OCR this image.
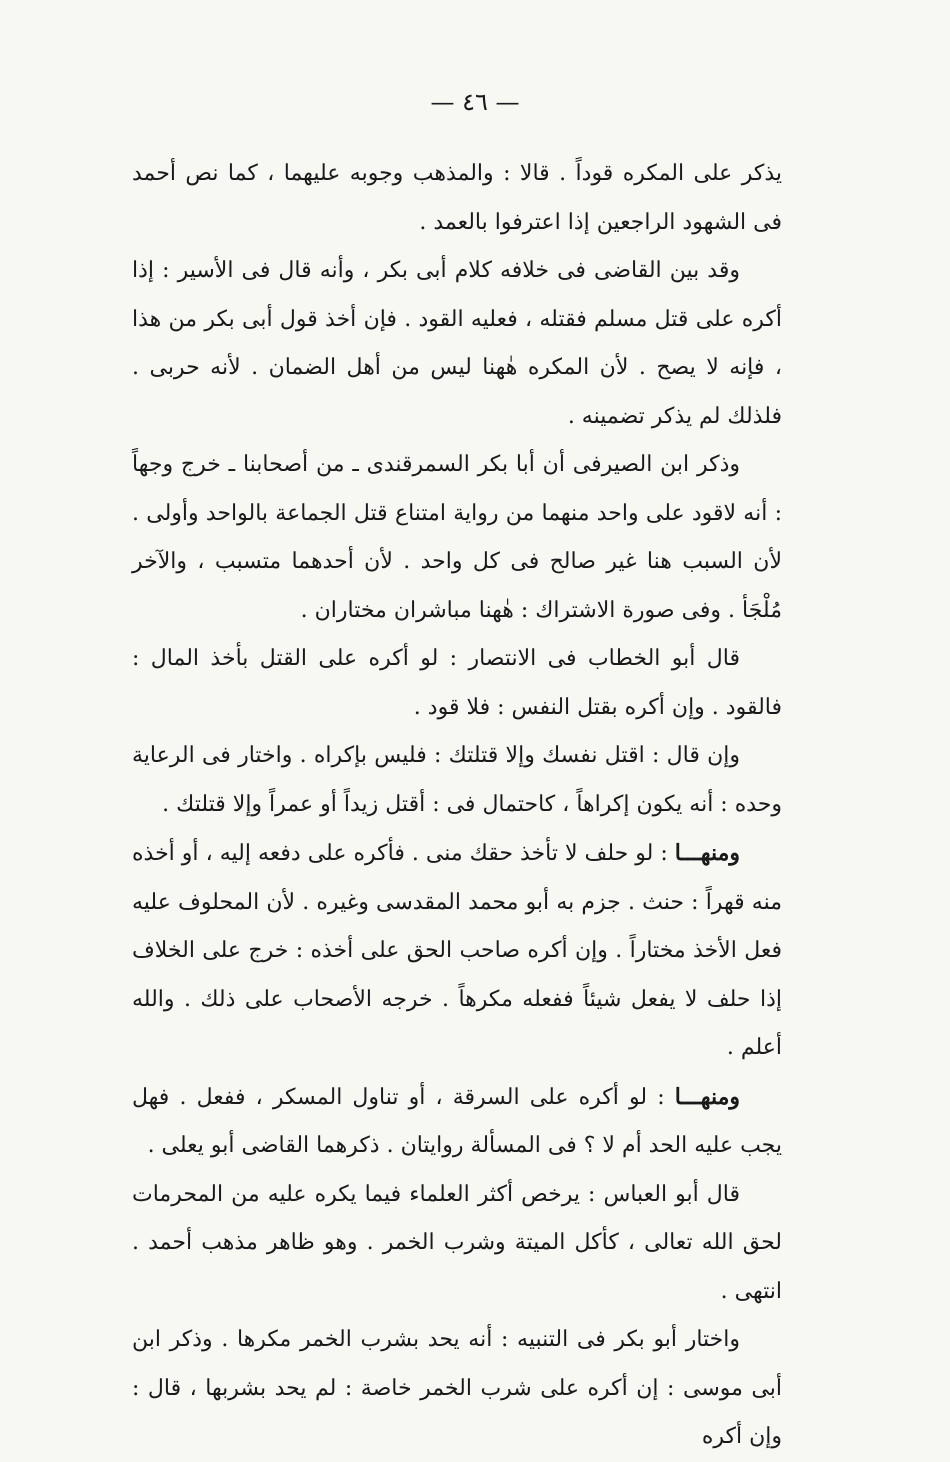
— ٤٦ —

يذكر على المكره قوداً . قالا : والمذهب وجوبه عليهما ، كما نص أحمد فى الشهود الراجعين إذا اعترفوا بالعمد .

وقد بين القاضى فى خلافه كلام أبى بكر ، وأنه قال فى الأسير : إذا أكره على قتل مسلم فقتله ، فعليه القود . فإن أخذ قول أبى بكر من هذا ، فإنه لا يصح . لأن المكره هٰهنا ليس من أهل الضمان . لأنه حربى . فلذلك لم يذكر تضمينه .

وذكر ابن الصيرفى أن أبا بكر السمرقندى ـ من أصحابنا ـ خرج وجهاً : أنه لاقود على واحد منهما من رواية امتناع قتل الجماعة بالواحد وأولى . لأن السبب هنا غير صالح فى كل واحد . لأن أحدهما متسبب ، والآخر مُلْجَأ . وفى صورة الاشتراك : هٰهنا مباشران مختاران .

قال أبو الخطاب فى الانتصار : لو أكره على القتل بأخذ المال : فالقود . وإن أكره بقتل النفس : فلا قود .

وإن قال : اقتل نفسك وإلا قتلتك : فليس بإكراه . واختار فى الرعاية وحده : أنه يكون إكراهاً ، كاحتمال فى : أقتل زيداً أو عمراً وإلا قتلتك .

ومنهـــا : لو حلف لا تأخذ حقك منى . فأكره على دفعه إليه ، أو أخذه منه قهراً : حنث . جزم به أبو محمد المقدسى وغيره . لأن المحلوف عليه فعل الأخذ مختاراً . وإن أكره صاحب الحق على أخذه : خرج على الخلاف إذا حلف لا يفعل شيئاً ففعله مكرهاً . خرجه الأصحاب على ذلك . والله أعلم .

ومنهـــا : لو أكره على السرقة ، أو تناول المسكر ، ففعل . فهل يجب عليه الحد أم لا ؟ فى المسألة روايتان . ذكرهما القاضى أبو يعلى .

قال أبو العباس : يرخص أكثر العلماء فيما يكره عليه من المحرمات لحق الله تعالى ، كأكل الميتة وشرب الخمر . وهو ظاهر مذهب أحمد . انتهى .

واختار أبو بكر فى التنبيه : أنه يحد بشرب الخمر مكرها . وذكر ابن أبى موسى : إن أكره على شرب الخمر خاصة : لم يحد بشربها ، قال : وإن أكره
